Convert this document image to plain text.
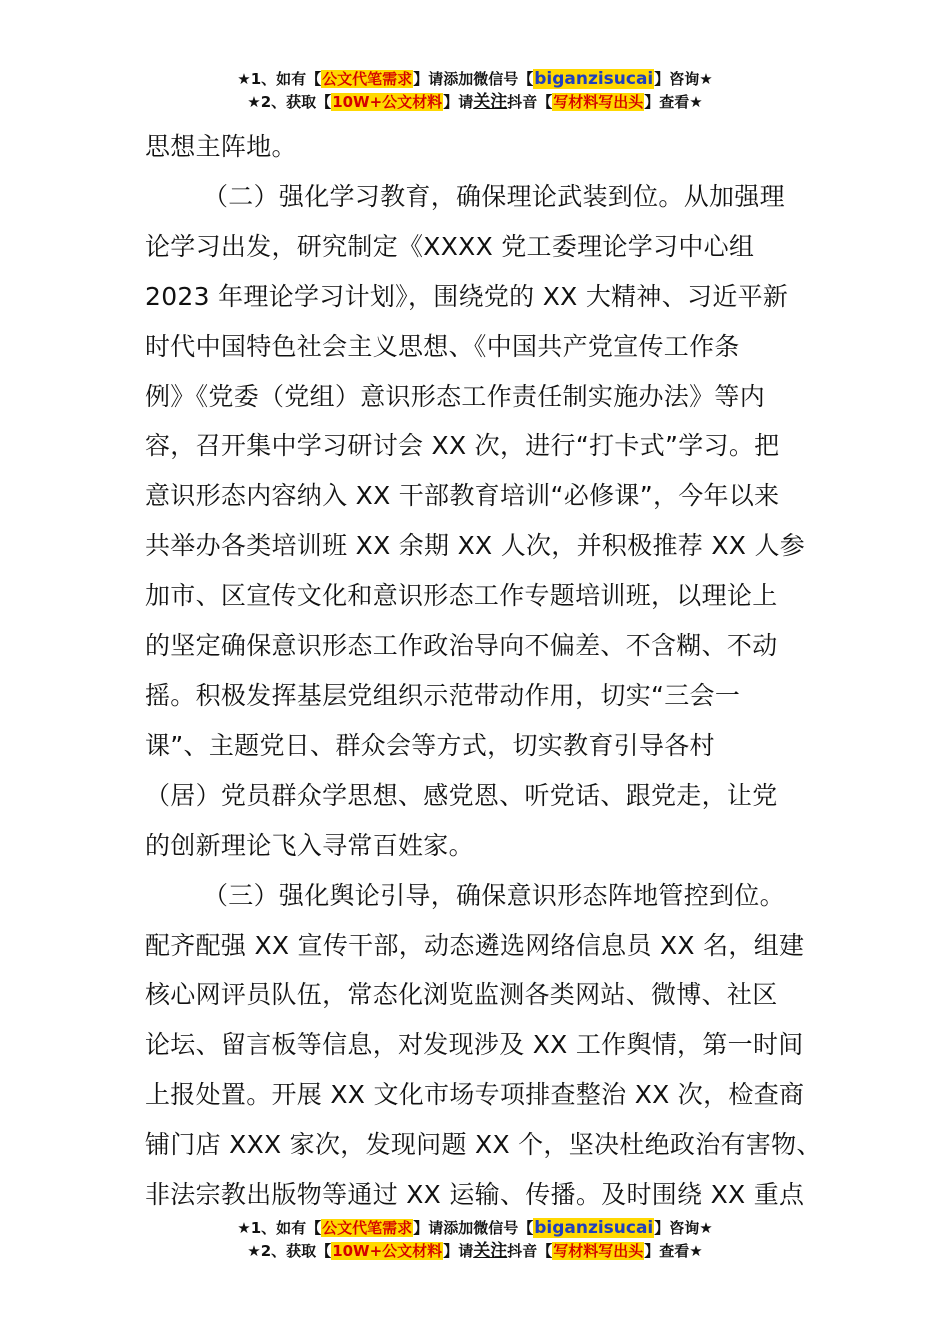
★1、如有【公文代笔需求】请添加微信号【biganzisucai】咨询★
★2、获取【10W+公文材料】请关注抖音【写材料写出头】查看★

思想主阵地。

（二）强化学习教育，确保理论武装到位。从加强理
论学习出发，研究制定《XXXX 党工委理论学习中心组
2023 年理论学习计划》，围绕党的 XX 大精神、习近平新
时代中国特色社会主义思想、《中国共产党宣传工作条
例》《党委（党组）意识形态工作责任制实施办法》等内
容，召开集中学习研讨会 XX 次，进行“打卡式”学习。把
意识形态内容纳入 XX 干部教育培训“必修课”，今年以来
共举办各类培训班 XX 余期 XX 人次，并积极推荐 XX 人参
加市、区宣传文化和意识形态工作专题培训班，以理论上
的坚定确保意识形态工作政治导向不偏差、不含糊、不动
摇。积极发挥基层党组织示范带动作用，切实“三会一
课”、主题党日、群众会等方式，切实教育引导各村
（居）党员群众学思想、感党恩、听党话、跟党走，让党
的创新理论飞入寻常百姓家。

（三）强化舆论引导，确保意识形态阵地管控到位。
配齐配强 XX 宣传干部，动态遴选网络信息员 XX 名，组建
核心网评员队伍，常态化浏览监测各类网站、微博、社区
论坛、留言板等信息，对发现涉及 XX 工作舆情，第一时间
上报处置。开展 XX 文化市场专项排查整治 XX 次，检查商
铺门店 XXX 家次，发现问题 XX 个，坚决杜绝政治有害物、
非法宗教出版物等通过 XX 运输、传播。及时围绕 XX 重点

★1、如有【公文代笔需求】请添加微信号【biganzisucai】咨询★
★2、获取【10W+公文材料】请关注抖音【写材料写出头】查看★
